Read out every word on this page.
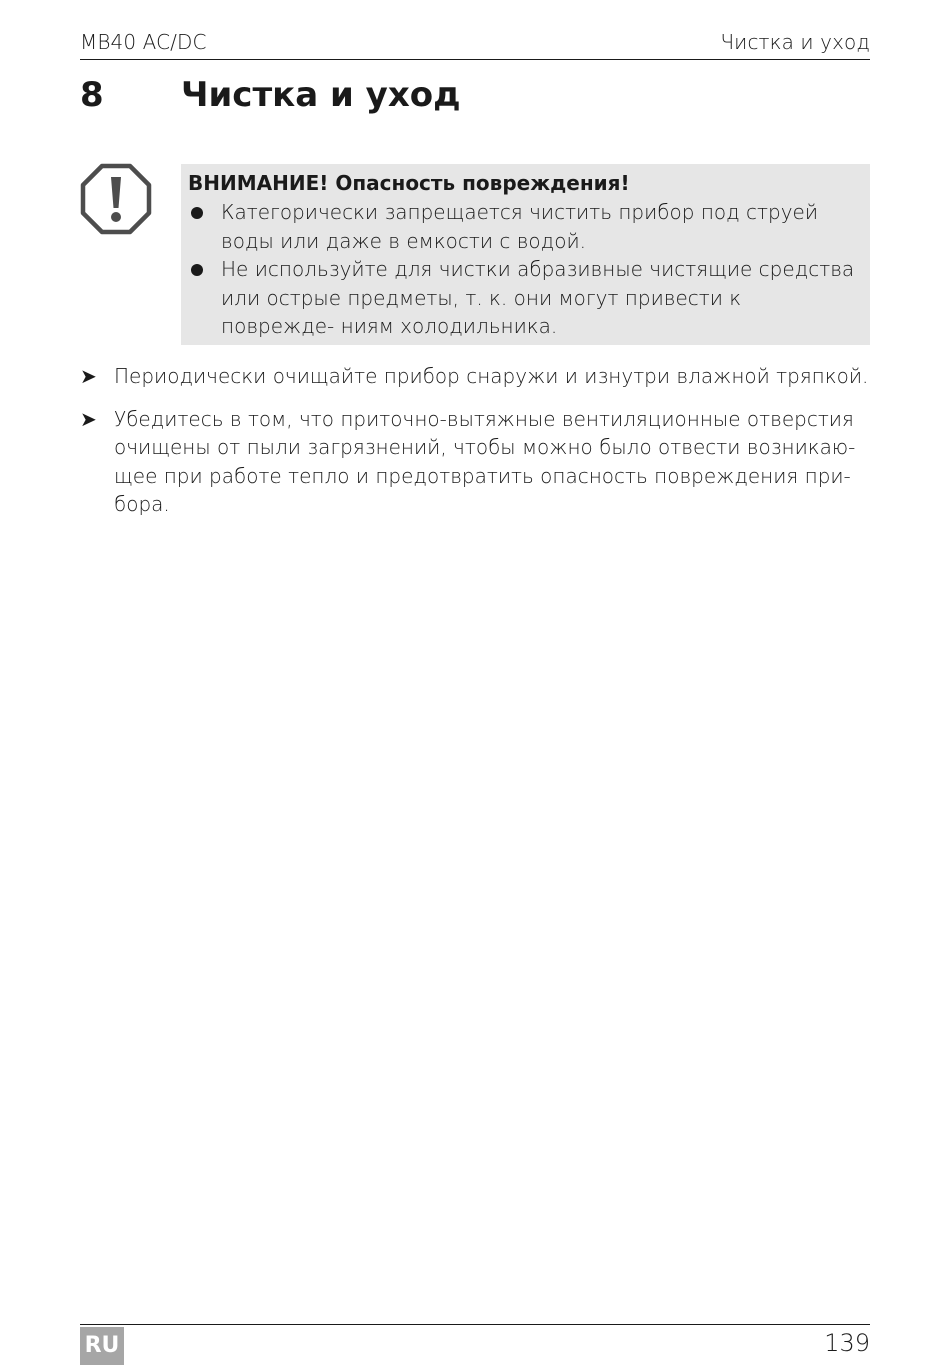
MB40 AC/DC	Чистка и уход
8 Чистка и уход

ВНИМАНИЕ! Опасность повреждения!

Категорически запрещается чистить прибор под струей воды или даже в емкости с водой.
Не используйте для чистки абразивные чистящие средства или острые предметы, т. к. они могут привести к поврежде- ниям холодильника.
➤ Периодически очищайте прибор снаружи и изнутри влажной тряпкой.
➤ Убедитесь в том, что приточно-вытяжные вентиляционные отверстия очищены от пыли загрязнений, чтобы можно было отвести возникаю- щее при работе тепло и предотвратить опасность повреждения при- бора.
RU	139
